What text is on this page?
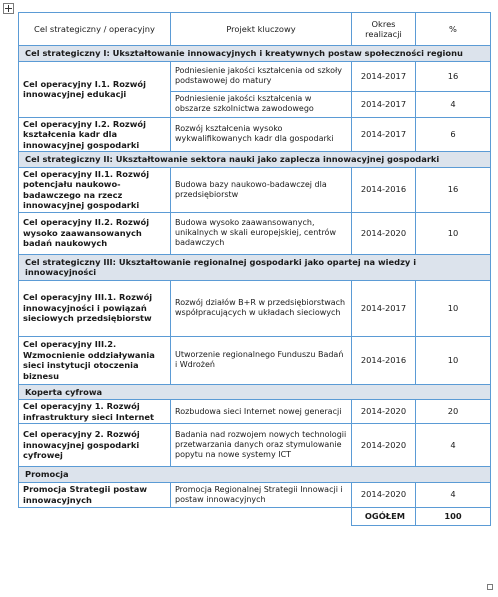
Cel strategiczny / operacyjny	Projekt kluczowy	Okres realizacji	%
Cel strategiczny I: Ukształtowanie innowacyjnych i kreatywnych postaw społeczności regionu			
Cel operacyjny I.1. Rozwój innowacyjnej edukacji	Podniesienie jakości kształcenia od szkoły podstawowej do matury	2014-2017	16
	Podniesienie jakości kształcenia w obszarze szkolnictwa zawodowego	2014-2017	4
Cel operacyjny I.2. Rozwój kształcenia kadr dla innowacyjnej gospodarki	Rozwój kształcenia wysoko wykwalifikowanych kadr dla gospodarki	2014-2017	6
Cel strategiczny II: Ukształtowanie sektora nauki jako zaplecza innowacyjnej gospodarki			
Cel operacyjny II.1. Rozwój potencjału naukowo-badawczego na rzecz innowacyjnej gospodarki	Budowa bazy naukowo-badawczej dla przedsiębiorstw	2014-2016	16
Cel operacyjny II.2. Rozwój wysoko zaawansowanych badań naukowych	Budowa wysoko zaawansowanych, unikalnych w skali europejskiej, centrów badawczych	2014-2020	10
Cel strategiczny III: Ukształtowanie regionalnej gospodarki jako opartej na wiedzy i innowacyjności			
Cel operacyjny III.1. Rozwój innowacyjności i powiązań sieciowych przedsiębiorstw	Rozwój działów B+R w przedsiębiorstwach współpracujących w układach sieciowych	2014-2017	10
Cel operacyjny III.2. Wzmocnienie oddziaływania sieci instytucji otoczenia biznesu	Utworzenie regionalnego Funduszu Badań i Wdrożeń	2014-2016	10
Koperta cyfrowa			
Cel operacyjny 1. Rozwój infrastruktury sieci Internet	Rozbudowa sieci Internet nowej generacji	2014-2020	20
Cel operacyjny 2. Rozwój innowacyjnej gospodarki cyfrowej	Badania nad rozwojem nowych technologii przetwarzania danych oraz stymulowanie popytu na nowe systemy ICT	2014-2020	4
Promocja			
Promocja Strategii postaw innowacyjnych	Promocja Regionalnej Strategii Innowacji i postaw innowacyjnych	2014-2020	4
		OGÓŁEM	100
